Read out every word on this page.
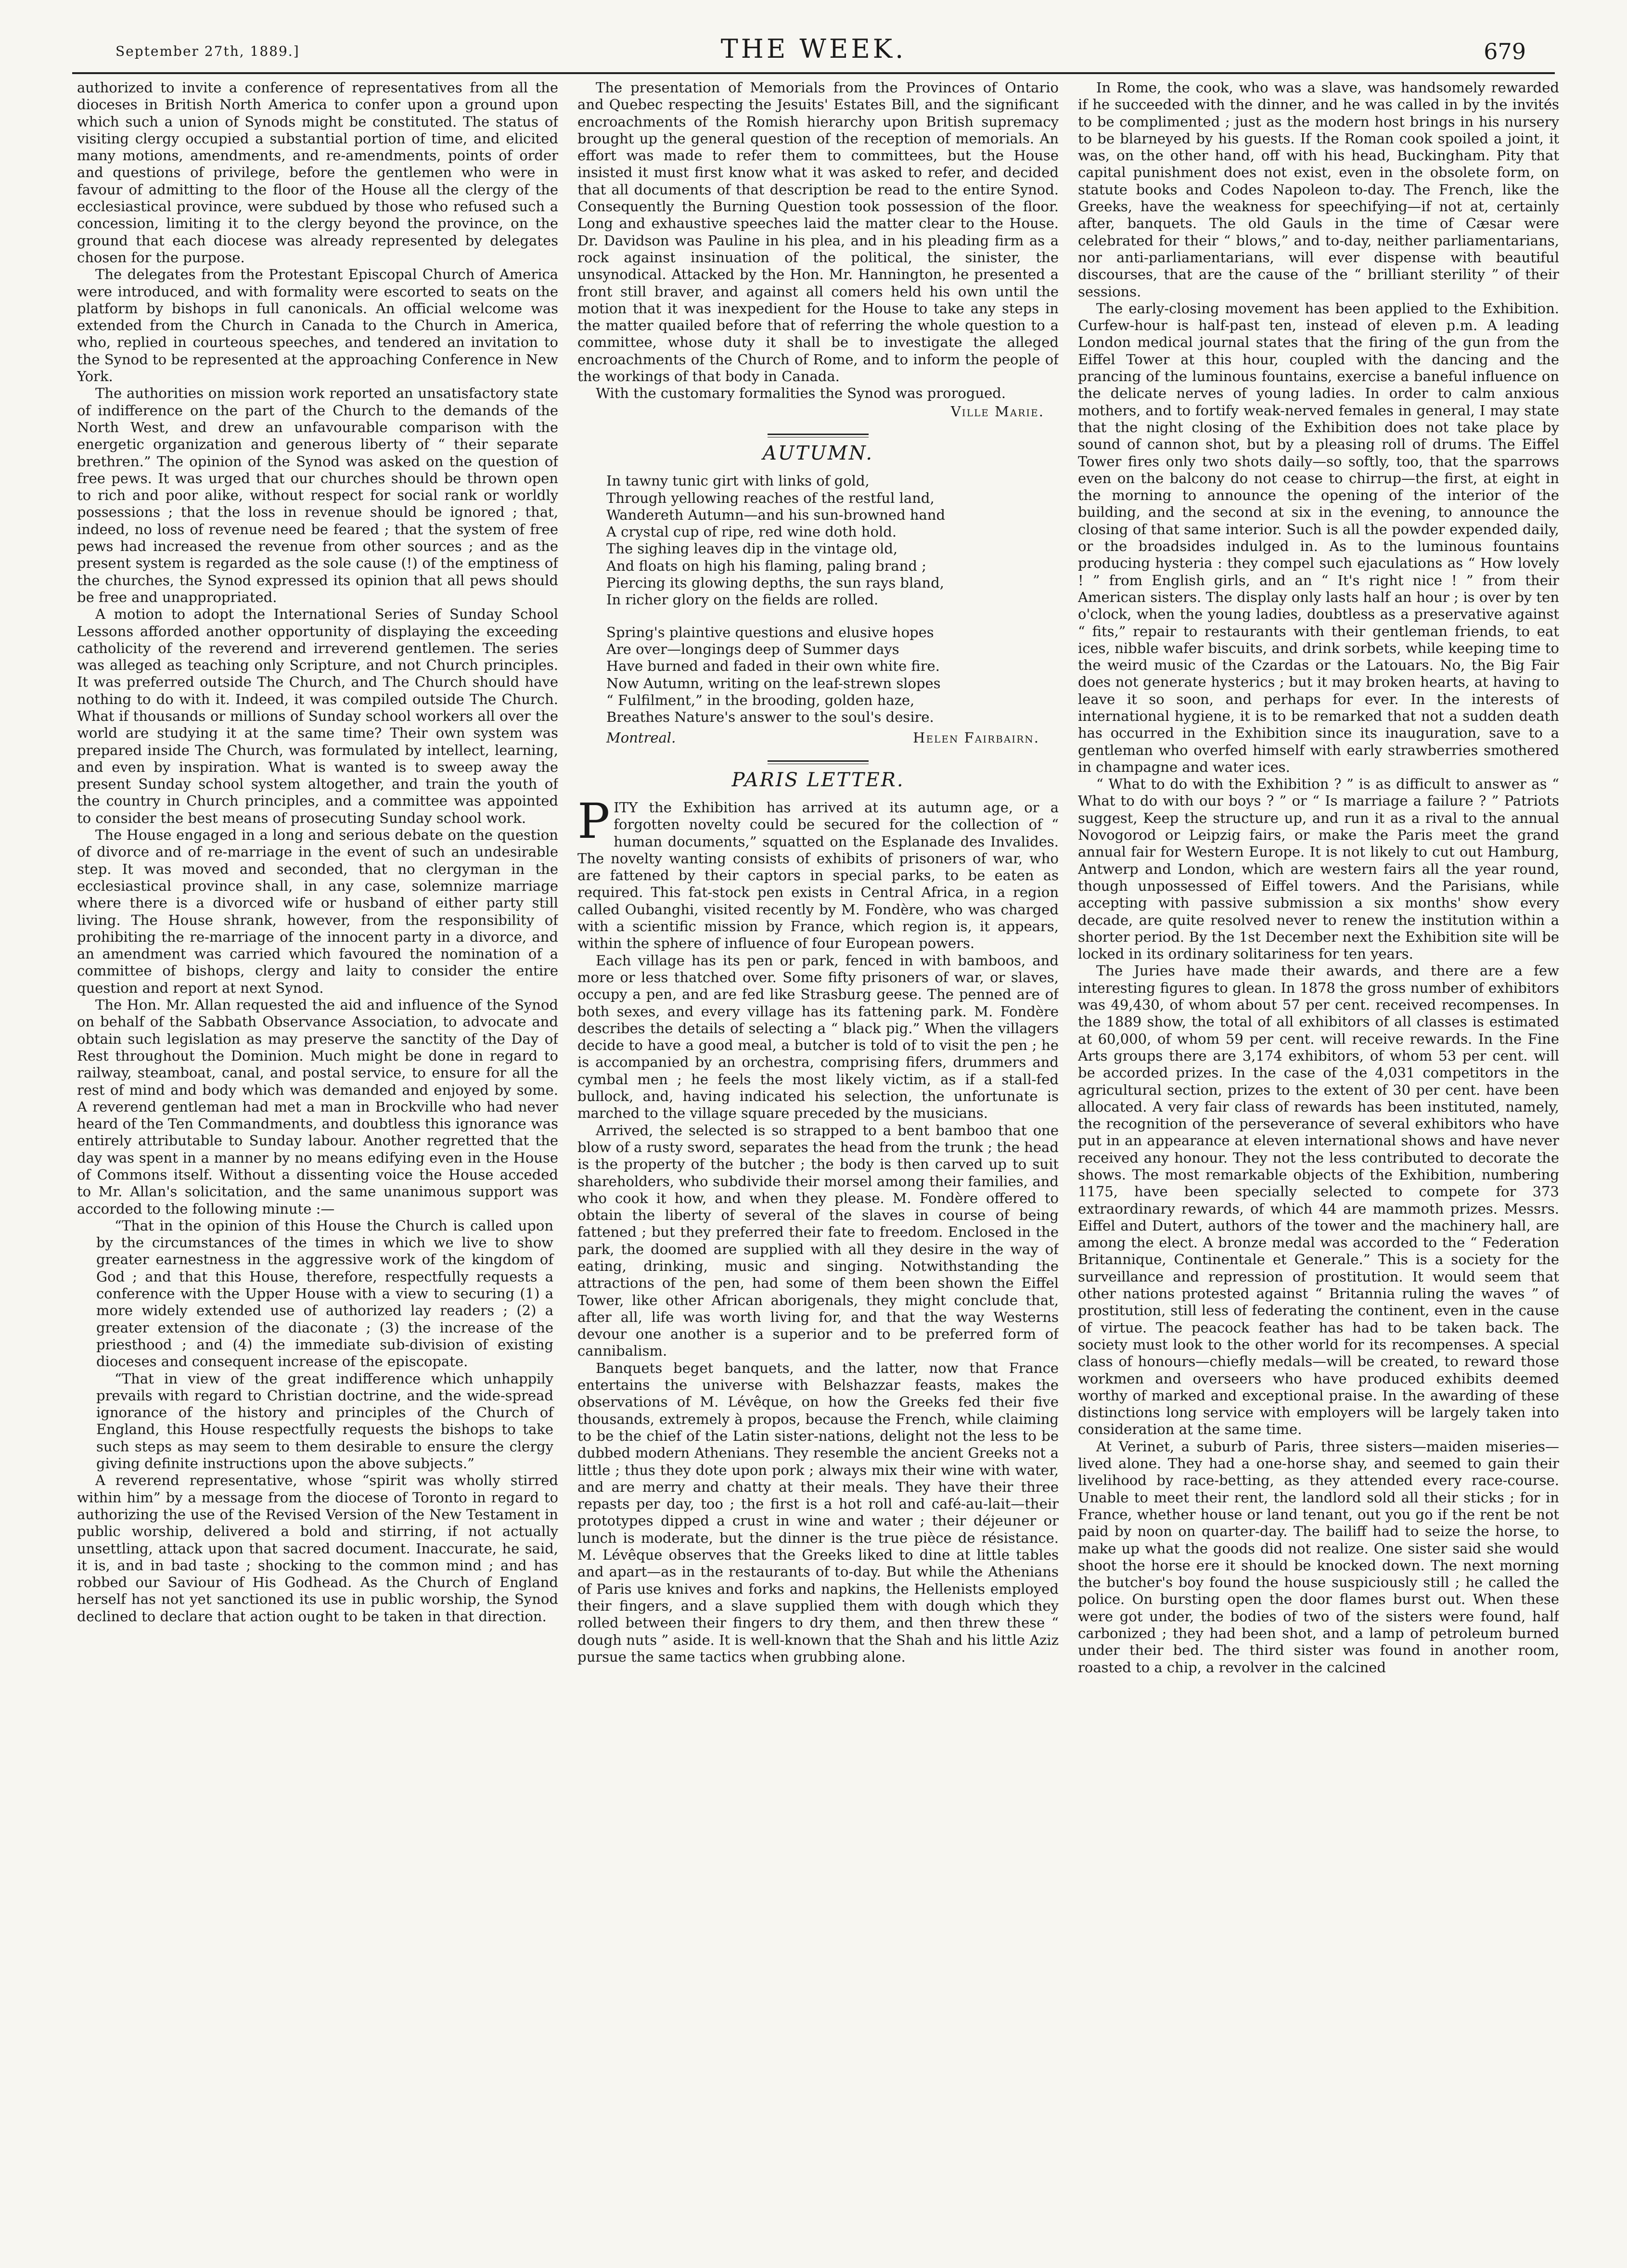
September 27th, 1889.]	THE WEEK.	679

authorized to invite a conference of representatives from all the dioceses in British North America to confer upon a ground upon which such a union of Synods might be constituted. The status of visiting clergy occupied a substantial portion of time, and elicited many motions, amendments, and re-amendments, points of order and questions of privilege, before the gentlemen who were in favour of admitting to the floor of the House all the clergy of the ecclesiastical province, were subdued by those who refused such a concession, limiting it to the clergy beyond the province, on the ground that each diocese was already represented by delegates chosen for the purpose.

The delegates from the Protestant Episcopal Church of America were introduced, and with formality were escorted to seats on the platform by bishops in full canonicals. An official welcome was extended from the Church in Canada to the Church in America, who, replied in courteous speeches, and tendered an invitation to the Synod to be represented at the approaching Conference in New York.

The authorities on mission work reported an unsatisfactory state of indifference on the part of the Church to the demands of the North West, and drew an unfavourable comparison with the energetic organization and generous liberty of “ their separate brethren.” The opinion of the Synod was asked on the question of free pews. It was urged that our churches should be thrown open to rich and poor alike, without respect for social rank or worldly possessions ; that the loss in revenue should be ignored ; that, indeed, no loss of revenue need be feared ; that the system of free pews had increased the revenue from other sources ; and as the present system is regarded as the sole cause (!) of the emptiness of the churches, the Synod expressed its opinion that all pews should be free and unappropriated.

A motion to adopt the International Series of Sunday School Lessons afforded another opportunity of displaying the exceeding catholicity of the reverend and irreverend gentlemen. The series was alleged as teaching only Scripture, and not Church principles. It was preferred outside The Church, and The Church should have nothing to do with it. Indeed, it was compiled outside The Church. What if thousands or millions of Sunday school workers all over the world are studying it at the same time? Their own system was prepared inside The Church, was formulated by intellect, learning, and even by inspiration. What is wanted is to sweep away the present Sunday school system altogether, and train the youth of the country in Church principles, and a committee was appointed to consider the best means of prosecuting Sunday school work.

The House engaged in a long and serious debate on the question of divorce and of re-marriage in the event of such an undesirable step. It was moved and seconded, that no clergyman in the ecclesiastical province shall, in any case, solemnize marriage where there is a divorced wife or husband of either party still living. The House shrank, however, from the responsibility of prohibiting the re-marriage of the innocent party in a divorce, and an amendment was carried which favoured the nomination of a committee of bishops, clergy and laity to consider the entire question and report at next Synod.

The Hon. Mr. Allan requested the aid and influence of the Synod on behalf of the Sabbath Observance Association, to advocate and obtain such legislation as may preserve the sanctity of the Day of Rest throughout the Dominion. Much might be done in regard to railway, steamboat, canal, and postal service, to ensure for all the rest of mind and body which was demanded and enjoyed by some. A reverend gentleman had met a man in Brockville who had never heard of the Ten Commandments, and doubtless this ignorance was entirely attributable to Sunday labour. Another regretted that the day was spent in a manner by no means edifying even in the House of Commons itself. Without a dissenting voice the House acceded to Mr. Allan's solicitation, and the same unanimous support was accorded to the following minute :—

“That in the opinion of this House the Church is called upon by the circumstances of the times in which we live to show greater earnestness in the aggressive work of the kingdom of God ; and that this House, therefore, respectfully requests a conference with the Upper House with a view to securing (1) a more widely extended use of authorized lay readers ; (2) a greater extension of the diaconate ; (3) the increase of the priesthood ; and (4) the immediate sub-division of existing dioceses and consequent increase of the episcopate.

“That in view of the great indifference which unhappily prevails with regard to Christian doctrine, and the wide-spread ignorance of the history and principles of the Church of England, this House respectfully requests the bishops to take such steps as may seem to them desirable to ensure the clergy giving definite instructions upon the above subjects.”

A reverend representative, whose “spirit was wholly stirred within him” by a message from the diocese of Toronto in regard to authorizing the use of the Revised Version of the New Testament in public worship, delivered a bold and stirring, if not actually unsettling, attack upon that sacred document. Inaccurate, he said, it is, and in bad taste ; shocking to the common mind ; and has robbed our Saviour of His Godhead. As the Church of England herself has not yet sanctioned its use in public worship, the Synod declined to declare that action ought to be taken in that direction.

The presentation of Memorials from the Provinces of Ontario and Quebec respecting the Jesuits' Estates Bill, and the significant encroachments of the Romish hierarchy upon British supremacy brought up the general question of the reception of memorials. An effort was made to refer them to committees, but the House insisted it must first know what it was asked to refer, and decided that all documents of that description be read to the entire Synod. Consequently the Burning Question took possession of the floor. Long and exhaustive speeches laid the matter clear to the House. Dr. Davidson was Pauline in his plea, and in his pleading firm as a rock against insinuation of the political, the sinister, the unsynodical. Attacked by the Hon. Mr. Hannington, he presented a front still braver, and against all comers held his own until the motion that it was inexpedient for the House to take any steps in the matter quailed before that of referring the whole question to a committee, whose duty it shall be to investigate the alleged encroachments of the Church of Rome, and to inform the people of the workings of that body in Canada.

With the customary formalities the Synod was prorogued.

Ville Marie.
AUTUMN.
In tawny tunic girt with links of gold,
Through yellowing reaches of the restful land,
Wandereth Autumn—and his sun-browned hand
A crystal cup of ripe, red wine doth hold.
The sighing leaves dip in the vintage old,
And floats on high his flaming, paling brand ;
Piercing its glowing depths, the sun rays bland,
In richer glory on the fields are rolled.
Spring's plaintive questions and elusive hopes
Are over—longings deep of Summer days
Have burned and faded in their own white fire.
Now Autumn, writing on the leaf-strewn slopes
“ Fulfilment,” in the brooding, golden haze,
Breathes Nature's answer to the soul's desire.
Montreal.	Helen Fairbairn.
PARIS LETTER.

PITY the Exhibition has arrived at its autumn age, or a forgotten novelty could be secured for the collection of “ human documents,” squatted on the Esplanade des Invalides. The novelty wanting consists of exhibits of prisoners of war, who are fattened by their captors in special parks, to be eaten as required. This fat-stock pen exists in Central Africa, in a region called Oubanghi, visited recently by M. Fondère, who was charged with a scientific mission by France, which region is, it appears, within the sphere of influence of four European powers.

Each village has its pen or park, fenced in with bamboos, and more or less thatched over. Some fifty prisoners of war, or slaves, occupy a pen, and are fed like Strasburg geese. The penned are of both sexes, and every village has its fattening park. M. Fondère describes the details of selecting a “ black pig.” When the villagers decide to have a good meal, a butcher is told of to visit the pen ; he is accompanied by an orchestra, comprising fifers, drummers and cymbal men ; he feels the most likely victim, as if a stall-fed bullock, and, having indicated his selection, the unfortunate is marched to the village square preceded by the musicians.

Arrived, the selected is so strapped to a bent bamboo that one blow of a rusty sword, separates the head from the trunk ; the head is the property of the butcher ; the body is then carved up to suit shareholders, who subdivide their morsel among their families, and who cook it how, and when they please. M. Fondère offered to obtain the liberty of several of the slaves in course of being fattened ; but they preferred their fate to freedom. Enclosed in the park, the doomed are supplied with all they desire in the way of eating, drinking, music and singing. Notwithstanding the attractions of the pen, had some of them been shown the Eiffel Tower, like other African aborigenals, they might conclude that, after all, life was worth living for, and that the way Westerns devour one another is a superior and to be preferred form of cannibalism.

Banquets beget banquets, and the latter, now that France entertains the universe with Belshazzar feasts, makes the observations of M. Lévêque, on how the Greeks fed their five thousands, extremely à propos, because the French, while claiming to be the chief of the Latin sister-nations, delight not the less to be dubbed modern Athenians. They resemble the ancient Greeks not a little ; thus they dote upon pork ; always mix their wine with water, and are merry and chatty at their meals. They have their three repasts per day, too ; the first is a hot roll and café-au-lait—their prototypes dipped a crust in wine and water ; their déjeuner or lunch is moderate, but the dinner is the true pièce de résistance. M. Lévêque observes that the Greeks liked to dine at little tables and apart—as in the restaurants of to-day. But while the Athenians of Paris use knives and forks and napkins, the Hellenists employed their fingers, and a slave supplied them with dough which they rolled between their fingers to dry them, and then threw these “ dough nuts ” aside. It is well-known that the Shah and his little Aziz pursue the same tactics when grubbing alone.

In Rome, the cook, who was a slave, was handsomely rewarded if he succeeded with the dinner, and he was called in by the invités to be complimented ; just as the modern host brings in his nursery to be blarneyed by his guests. If the Roman cook spoiled a joint, it was, on the other hand, off with his head, Buckingham. Pity that capital punishment does not exist, even in the obsolete form, on statute books and Codes Napoleon to-day. The French, like the Greeks, have the weakness for speechifying—if not at, certainly after, banquets. The old Gauls in the time of Cæsar were celebrated for their “ blows,” and to-day, neither parliamentarians, nor anti-parliamentarians, will ever dispense with beautiful discourses, that are the cause of the “ brilliant sterility ” of their sessions.

The early-closing movement has been applied to the Exhibition. Curfew-hour is half-past ten, instead of eleven p.m. A leading London medical journal states that the firing of the gun from the Eiffel Tower at this hour, coupled with the dancing and the prancing of the luminous fountains, exercise a baneful influence on the delicate nerves of young ladies. In order to calm anxious mothers, and to fortify weak-nerved females in general, I may state that the night closing of the Exhibition does not take place by sound of cannon shot, but by a pleasing roll of drums. The Eiffel Tower fires only two shots daily—so softly, too, that the sparrows even on the balcony do not cease to chirrup—the first, at eight in the morning to announce the opening of the interior of the building, and the second at six in the evening, to announce the closing of that same interior. Such is all the powder expended daily, or the broadsides indulged in. As to the luminous fountains producing hysteria : they compel such ejaculations as “ How lovely ! ” from English girls, and an “ It's right nice ! ” from their American sisters. The display only lasts half an hour ; is over by ten o'clock, when the young ladies, doubtless as a preservative against “ fits,” repair to restaurants with their gentleman friends, to eat ices, nibble wafer biscuits, and drink sorbets, while keeping time to the weird music of the Czardas or the Latouars. No, the Big Fair does not generate hysterics ; but it may broken hearts, at having to leave it so soon, and perhaps for ever. In the interests of international hygiene, it is to be remarked that not a sudden death has occurred in the Exhibition since its inauguration, save to a gentleman who overfed himself with early strawberries smothered in champagne and water ices.

“ What to do with the Exhibition ? ” is as difficult to answer as “ What to do with our boys ? ” or “ Is marriage a failure ? ” Patriots suggest, Keep the structure up, and run it as a rival to the annual Novogorod or Leipzig fairs, or make the Paris meet the grand annual fair for Western Europe. It is not likely to cut out Hamburg, Antwerp and London, which are western fairs all the year round, though unpossessed of Eiffel towers. And the Parisians, while accepting with passive submission a six months' show every decade, are quite resolved never to renew the institution within a shorter period. By the 1st December next the Exhibition site will be locked in its ordinary solitariness for ten years.

The Juries have made their awards, and there are a few interesting figures to glean. In 1878 the gross number of exhibitors was 49,430, of whom about 57 per cent. received recompenses. In the 1889 show, the total of all exhibitors of all classes is estimated at 60,000, of whom 59 per cent. will receive rewards. In the Fine Arts groups there are 3,174 exhibitors, of whom 53 per cent. will be accorded prizes. In the case of the 4,031 competitors in the agricultural section, prizes to the extent of 30 per cent. have been allocated. A very fair class of rewards has been instituted, namely, the recognition of the perseverance of several exhibitors who have put in an appearance at eleven international shows and have never received any honour. They not the less contributed to decorate the shows. The most remarkable objects of the Exhibition, numbering 1175, have been specially selected to compete for 373 extraordinary rewards, of which 44 are mammoth prizes. Messrs. Eiffel and Dutert, authors of the tower and the machinery hall, are among the elect. A bronze medal was accorded to the “ Federation Britannique, Continentale et Generale.” This is a society for the surveillance and repression of prostitution. It would seem that other nations protested against “ Britannia ruling the waves ” of prostitution, still less of federating the continent, even in the cause of virtue. The peacock feather has had to be taken back. The society must look to the other world for its recompenses. A special class of honours—chiefly medals—will be created, to reward those workmen and overseers who have produced exhibits deemed worthy of marked and exceptional praise. In the awarding of these distinctions long service with employers will be largely taken into consideration at the same time.

At Verinet, a suburb of Paris, three sisters—maiden miseries—lived alone. They had a one-horse shay, and seemed to gain their livelihood by race-betting, as they attended every race-course. Unable to meet their rent, the landlord sold all their sticks ; for in France, whether house or land tenant, out you go if the rent be not paid by noon on quarter-day. The bailiff had to seize the horse, to make up what the goods did not realize. One sister said she would shoot the horse ere it should be knocked down. The next morning the butcher's boy found the house suspiciously still ; he called the police. On bursting open the door flames burst out. When these were got under, the bodies of two of the sisters were found, half carbonized ; they had been shot, and a lamp of petroleum burned under their bed. The third sister was found in another room, roasted to a chip, a revolver in the calcined
